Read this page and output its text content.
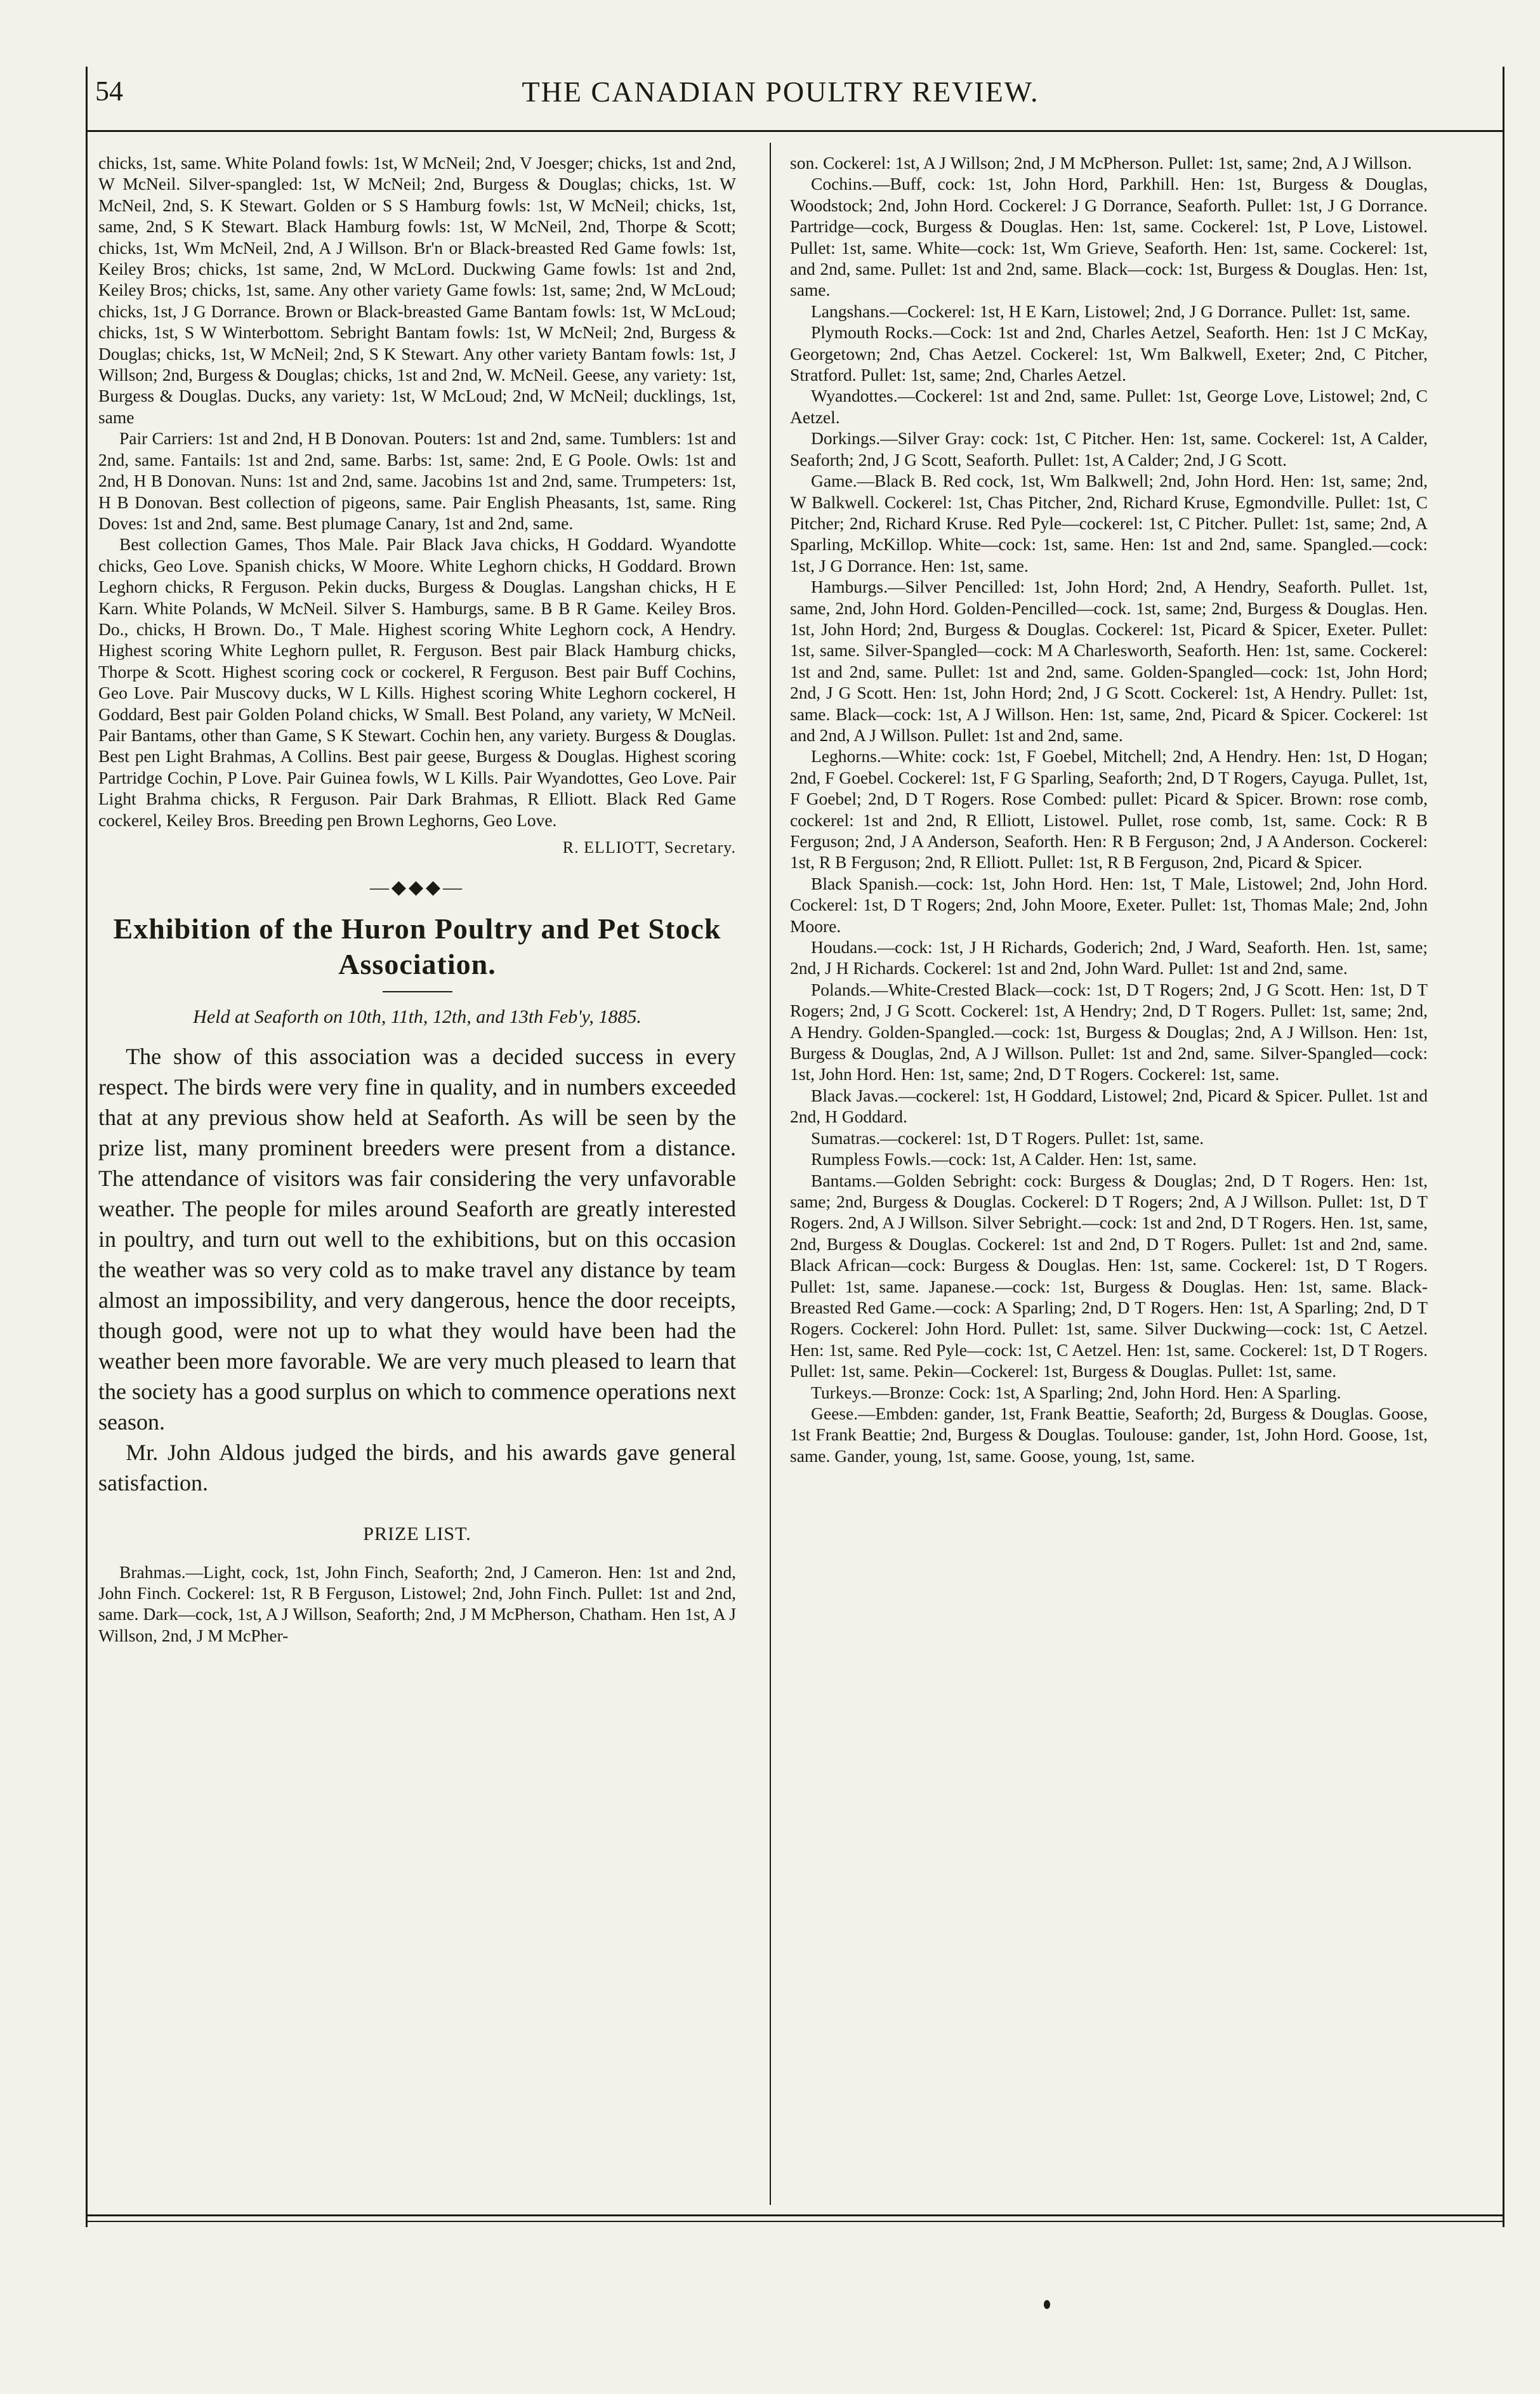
54	THE CANADIAN POULTRY REVIEW.

chicks, 1st, same. White Poland fowls: 1st, W McNeil; 2nd, V Joesger; chicks, 1st and 2nd, W McNeil. Silver-spangled: 1st, W McNeil; 2nd, Burgess & Douglas; chicks, 1st. W McNeil, 2nd, S. K Stewart. Golden or S S Hamburg fowls: 1st, W McNeil; chicks, 1st, same, 2nd, S K Stewart. Black Hamburg fowls: 1st, W McNeil, 2nd, Thorpe & Scott; chicks, 1st, Wm McNeil, 2nd, A J Willson. Br'n or Black-breasted Red Game fowls: 1st, Keiley Bros; chicks, 1st same, 2nd, W McLord. Duckwing Game fowls: 1st and 2nd, Keiley Bros; chicks, 1st, same. Any other variety Game fowls: 1st, same; 2nd, W McLoud; chicks, 1st, J G Dorrance. Brown or Black-breasted Game Bantam fowls: 1st, W McLoud; chicks, 1st, S W Winterbottom. Sebright Bantam fowls: 1st, W McNeil; 2nd, Burgess & Douglas; chicks, 1st, W McNeil; 2nd, S K Stewart. Any other variety Bantam fowls: 1st, J Willson; 2nd, Burgess & Douglas; chicks, 1st and 2nd, W. McNeil. Geese, any variety: 1st, Burgess & Douglas. Ducks, any variety: 1st, W McLoud; 2nd, W McNeil; ducklings, 1st, same

Pair Carriers: 1st and 2nd, H B Donovan. Pouters: 1st and 2nd, same. Tumblers: 1st and 2nd, same. Fantails: 1st and 2nd, same. Barbs: 1st, same: 2nd, E G Poole. Owls: 1st and 2nd, H B Donovan. Nuns: 1st and 2nd, same. Jacobins 1st and 2nd, same. Trumpeters: 1st, H B Donovan. Best collection of pigeons, same. Pair English Pheasants, 1st, same. Ring Doves: 1st and 2nd, same. Best plumage Canary, 1st and 2nd, same.

Best collection Games, Thos Male. Pair Black Java chicks, H Goddard. Wyandotte chicks, Geo Love. Spanish chicks, W Moore. White Leghorn chicks, H Goddard. Brown Leghorn chicks, R Ferguson. Pekin ducks, Burgess & Douglas. Langshan chicks, H E Karn. White Polands, W McNeil. Silver S. Hamburgs, same. B B R Game. Keiley Bros. Do., chicks, H Brown. Do., T Male. Highest scoring White Leghorn cock, A Hendry. Highest scoring White Leghorn pullet, R. Ferguson. Best pair Black Hamburg chicks, Thorpe & Scott. Highest scoring cock or cockerel, R Ferguson. Best pair Buff Cochins, Geo Love. Pair Muscovy ducks, W L Kills. Highest scoring White Leghorn cockerel, H Goddard, Best pair Golden Poland chicks, W Small. Best Poland, any variety, W McNeil. Pair Bantams, other than Game, S K Stewart. Cochin hen, any variety. Burgess & Douglas. Best pen Light Brahmas, A Collins. Best pair geese, Burgess & Douglas. Highest scoring Partridge Cochin, P Love. Pair Guinea fowls, W L Kills. Pair Wyandottes, Geo Love. Pair Light Brahma chicks, R Ferguson. Pair Dark Brahmas, R Elliott. Black Red Game cockerel, Keiley Bros. Breeding pen Brown Leghorns, Geo Love.

R. ELLIOTT, Secretary.
—◆◆◆—
Exhibition of the Huron Poultry and Pet Stock Association.
Held at Seaforth on 10th, 11th, 12th, and 13th Feb'y, 1885.

The show of this association was a decided success in every respect. The birds were very fine in quality, and in numbers exceeded that at any previous show held at Seaforth. As will be seen by the prize list, many prominent breeders were present from a distance. The attendance of visitors was fair considering the very unfavorable weather. The people for miles around Seaforth are greatly interested in poultry, and turn out well to the exhibitions, but on this occasion the weather was so very cold as to make travel any distance by team almost an impossibility, and very dangerous, hence the door receipts, though good, were not up to what they would have been had the weather been more favorable. We are very much pleased to learn that the society has a good surplus on which to commence operations next season.

Mr. John Aldous judged the birds, and his awards gave general satisfaction.

PRIZE LIST.

Brahmas.—Light, cock, 1st, John Finch, Seaforth; 2nd, J Cameron. Hen: 1st and 2nd, John Finch. Cockerel: 1st, R B Ferguson, Listowel; 2nd, John Finch. Pullet: 1st and 2nd, same. Dark—cock, 1st, A J Willson, Seaforth; 2nd, J M McPherson, Chatham. Hen 1st, A J Willson, 2nd, J M McPher-

son. Cockerel: 1st, A J Willson; 2nd, J M McPherson. Pullet: 1st, same; 2nd, A J Willson.

Cochins.—Buff, cock: 1st, John Hord, Parkhill. Hen: 1st, Burgess & Douglas, Woodstock; 2nd, John Hord. Cockerel: J G Dorrance, Seaforth. Pullet: 1st, J G Dorrance. Partridge—cock, Burgess & Douglas. Hen: 1st, same. Cockerel: 1st, P Love, Listowel. Pullet: 1st, same. White—cock: 1st, Wm Grieve, Seaforth. Hen: 1st, same. Cockerel: 1st, and 2nd, same. Pullet: 1st and 2nd, same. Black—cock: 1st, Burgess & Douglas. Hen: 1st, same.

Langshans.—Cockerel: 1st, H E Karn, Listowel; 2nd, J G Dorrance. Pullet: 1st, same.

Plymouth Rocks.—Cock: 1st and 2nd, Charles Aetzel, Seaforth. Hen: 1st J C McKay, Georgetown; 2nd, Chas Aetzel. Cockerel: 1st, Wm Balkwell, Exeter; 2nd, C Pitcher, Stratford. Pullet: 1st, same; 2nd, Charles Aetzel.

Wyandottes.—Cockerel: 1st and 2nd, same. Pullet: 1st, George Love, Listowel; 2nd, C Aetzel.

Dorkings.—Silver Gray: cock: 1st, C Pitcher. Hen: 1st, same. Cockerel: 1st, A Calder, Seaforth; 2nd, J G Scott, Seaforth. Pullet: 1st, A Calder; 2nd, J G Scott.

Game.—Black B. Red cock, 1st, Wm Balkwell; 2nd, John Hord. Hen: 1st, same; 2nd, W Balkwell. Cockerel: 1st, Chas Pitcher, 2nd, Richard Kruse, Egmondville. Pullet: 1st, C Pitcher; 2nd, Richard Kruse. Red Pyle—cockerel: 1st, C Pitcher. Pullet: 1st, same; 2nd, A Sparling, McKillop. White—cock: 1st, same. Hen: 1st and 2nd, same. Spangled.—cock: 1st, J G Dorrance. Hen: 1st, same.

Hamburgs.—Silver Pencilled: 1st, John Hord; 2nd, A Hendry, Seaforth. Pullet. 1st, same, 2nd, John Hord. Golden-Pencilled—cock. 1st, same; 2nd, Burgess & Douglas. Hen. 1st, John Hord; 2nd, Burgess & Douglas. Cockerel: 1st, Picard & Spicer, Exeter. Pullet: 1st, same. Silver-Spangled—cock: M A Charlesworth, Seaforth. Hen: 1st, same. Cockerel: 1st and 2nd, same. Pullet: 1st and 2nd, same. Golden-Spangled—cock: 1st, John Hord; 2nd, J G Scott. Hen: 1st, John Hord; 2nd, J G Scott. Cockerel: 1st, A Hendry. Pullet: 1st, same. Black—cock: 1st, A J Willson. Hen: 1st, same, 2nd, Picard & Spicer. Cockerel: 1st and 2nd, A J Willson. Pullet: 1st and 2nd, same.

Leghorns.—White: cock: 1st, F Goebel, Mitchell; 2nd, A Hendry. Hen: 1st, D Hogan; 2nd, F Goebel. Cockerel: 1st, F G Sparling, Seaforth; 2nd, D T Rogers, Cayuga. Pullet, 1st, F Goebel; 2nd, D T Rogers. Rose Combed: pullet: Picard & Spicer. Brown: rose comb, cockerel: 1st and 2nd, R Elliott, Listowel. Pullet, rose comb, 1st, same. Cock: R B Ferguson; 2nd, J A Anderson, Seaforth. Hen: R B Ferguson; 2nd, J A Anderson. Cockerel: 1st, R B Ferguson; 2nd, R Elliott. Pullet: 1st, R B Ferguson, 2nd, Picard & Spicer.

Black Spanish.—cock: 1st, John Hord. Hen: 1st, T Male, Listowel; 2nd, John Hord. Cockerel: 1st, D T Rogers; 2nd, John Moore, Exeter. Pullet: 1st, Thomas Male; 2nd, John Moore.

Houdans.—cock: 1st, J H Richards, Goderich; 2nd, J Ward, Seaforth. Hen. 1st, same; 2nd, J H Richards. Cockerel: 1st and 2nd, John Ward. Pullet: 1st and 2nd, same.

Polands.—White-Crested Black—cock: 1st, D T Rogers; 2nd, J G Scott. Hen: 1st, D T Rogers; 2nd, J G Scott. Cockerel: 1st, A Hendry; 2nd, D T Rogers. Pullet: 1st, same; 2nd, A Hendry. Golden-Spangled.—cock: 1st, Burgess & Douglas; 2nd, A J Willson. Hen: 1st, Burgess & Douglas, 2nd, A J Willson. Pullet: 1st and 2nd, same. Silver-Spangled—cock: 1st, John Hord. Hen: 1st, same; 2nd, D T Rogers. Cockerel: 1st, same.

Black Javas.—cockerel: 1st, H Goddard, Listowel; 2nd, Picard & Spicer. Pullet. 1st and 2nd, H Goddard.

Sumatras.—cockerel: 1st, D T Rogers. Pullet: 1st, same.

Rumpless Fowls.—cock: 1st, A Calder. Hen: 1st, same.

Bantams.—Golden Sebright: cock: Burgess & Douglas; 2nd, D T Rogers. Hen: 1st, same; 2nd, Burgess & Douglas. Cockerel: D T Rogers; 2nd, A J Willson. Pullet: 1st, D T Rogers. 2nd, A J Willson. Silver Sebright.—cock: 1st and 2nd, D T Rogers. Hen. 1st, same, 2nd, Burgess & Douglas. Cockerel: 1st and 2nd, D T Rogers. Pullet: 1st and 2nd, same. Black African—cock: Burgess & Douglas. Hen: 1st, same. Cockerel: 1st, D T Rogers. Pullet: 1st, same. Japanese.—cock: 1st, Burgess & Douglas. Hen: 1st, same. Black-Breasted Red Game.—cock: A Sparling; 2nd, D T Rogers. Hen: 1st, A Sparling; 2nd, D T Rogers. Cockerel: John Hord. Pullet: 1st, same. Silver Duckwing—cock: 1st, C Aetzel. Hen: 1st, same. Red Pyle—cock: 1st, C Aetzel. Hen: 1st, same. Cockerel: 1st, D T Rogers. Pullet: 1st, same. Pekin—Cockerel: 1st, Burgess & Douglas. Pullet: 1st, same.

Turkeys.—Bronze: Cock: 1st, A Sparling; 2nd, John Hord. Hen: A Sparling.

Geese.—Embden: gander, 1st, Frank Beattie, Seaforth; 2d, Burgess & Douglas. Goose, 1st Frank Beattie; 2nd, Burgess & Douglas. Toulouse: gander, 1st, John Hord. Goose, 1st, same. Gander, young, 1st, same. Goose, young, 1st, same.
